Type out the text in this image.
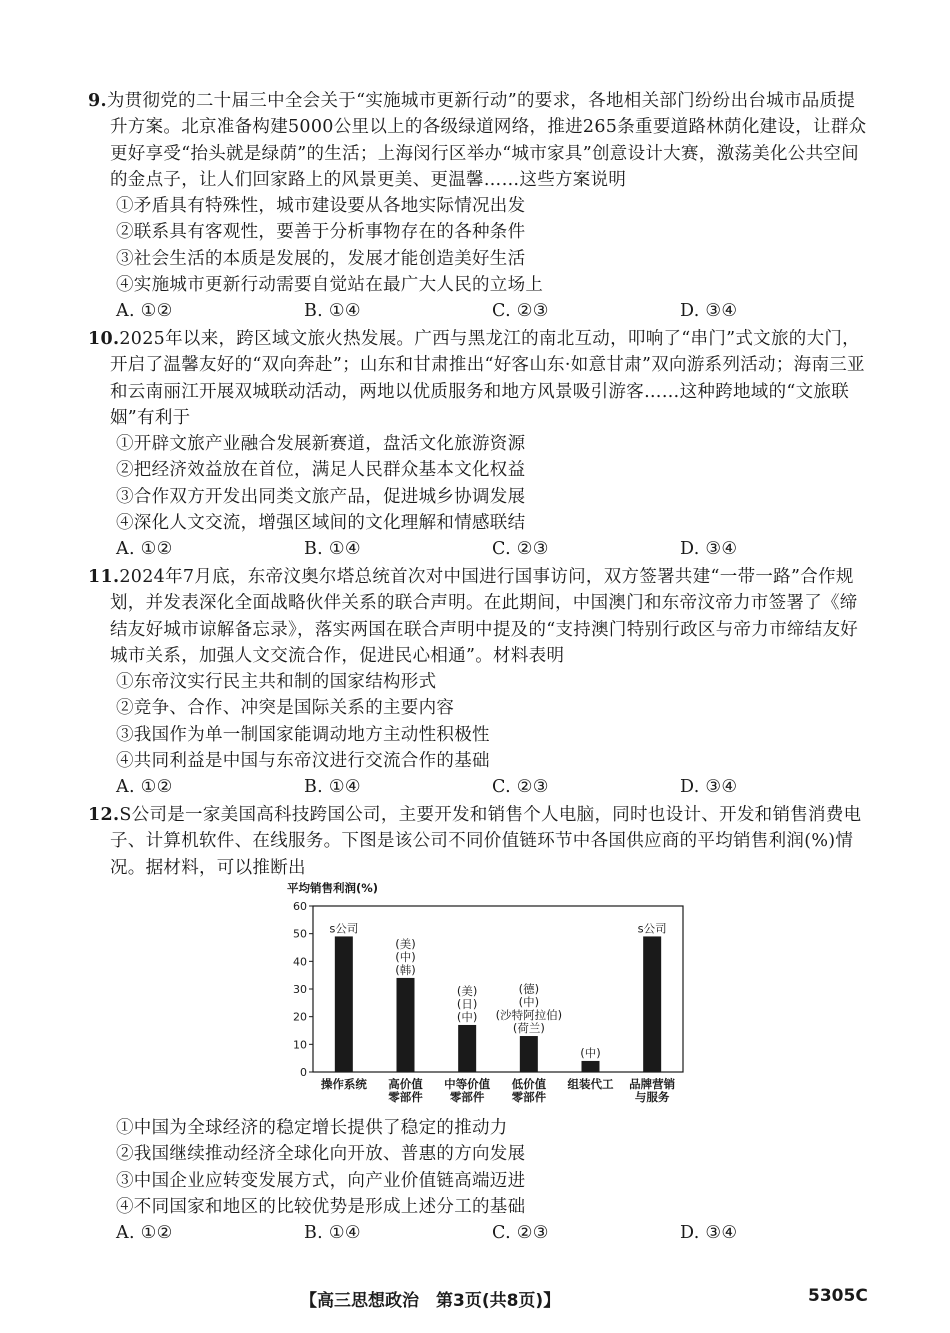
9.为贯彻党的二十届三中全会关于“实施城市更新行动”的要求，各地相关部门纷纷出台城市品质提升方案。北京准备构建5000公里以上的各级绿道网络，推进265条重要道路林荫化建设，让群众更好享受“抬头就是绿荫”的生活；上海闵行区举办“城市家具”创意设计大赛，激荡美化公共空间的金点子，让人们回家路上的风景更美、更温馨……这些方案说明

①矛盾具有特殊性，城市建设要从各地实际情况出发

②联系具有客观性，要善于分析事物存在的各种条件

③社会生活的本质是发展的，发展才能创造美好生活

④实施城市更新行动需要自觉站在最广大人民的立场上

A. ①②	B. ①④	C. ②③	D. ③④

10.2025年以来，跨区域文旅火热发展。广西与黑龙江的南北互动，叩响了“串门”式文旅的大门，开启了温馨友好的“双向奔赴”；山东和甘肃推出“好客山东·如意甘肃”双向游系列活动；海南三亚和云南丽江开展双城联动活动，两地以优质服务和地方风景吸引游客……这种跨地域的“文旅联姻”有利于

①开辟文旅产业融合发展新赛道，盘活文化旅游资源

②把经济效益放在首位，满足人民群众基本文化权益

③合作双方开发出同类文旅产品，促进城乡协调发展

④深化人文交流，增强区域间的文化理解和情感联结

A. ①②	B. ①④	C. ②③	D. ③④

11.2024年7月底，东帝汶奥尔塔总统首次对中国进行国事访问，双方签署共建“一带一路”合作规划，并发表深化全面战略伙伴关系的联合声明。在此期间，中国澳门和东帝汶帝力市签署了《缔结友好城市谅解备忘录》，落实两国在联合声明中提及的“支持澳门特别行政区与帝力市缔结友好城市关系，加强人文交流合作，促进民心相通”。材料表明

①东帝汶实行民主共和制的国家结构形式

②竞争、合作、冲突是国际关系的主要内容

③我国作为单一制国家能调动地方主动性积极性

④共同利益是中国与东帝汶进行交流合作的基础

A. ①②	B. ①④	C. ②③	D. ③④

12.S公司是一家美国高科技跨国公司，主要开发和销售个人电脑，同时也设计、开发和销售消费电子、计算机软件、在线服务。下图是该公司不同价值链环节中各国供应商的平均销售利润(%)情况。据材料，可以推断出

平均销售利润(%)
0
10
20
30
40
50
60
s公司
操作系统
(美)
(中)
(韩)
高价值
零部件
(美)
(日)
(中)
中等价值
零部件
(德)
(中)
(沙特阿拉伯)
(荷兰)
低价值
零部件
(中)
组装代工
s公司
品牌营销
与服务

①中国为全球经济的稳定增长提供了稳定的推动力

②我国继续推动经济全球化向开放、普惠的方向发展

③中国企业应转变发展方式，向产业价值链高端迈进

④不同国家和地区的比较优势是形成上述分工的基础

A. ①②	B. ①④	C. ②③	D. ③④
【高三思想政治　第3页(共8页)】	5305C
